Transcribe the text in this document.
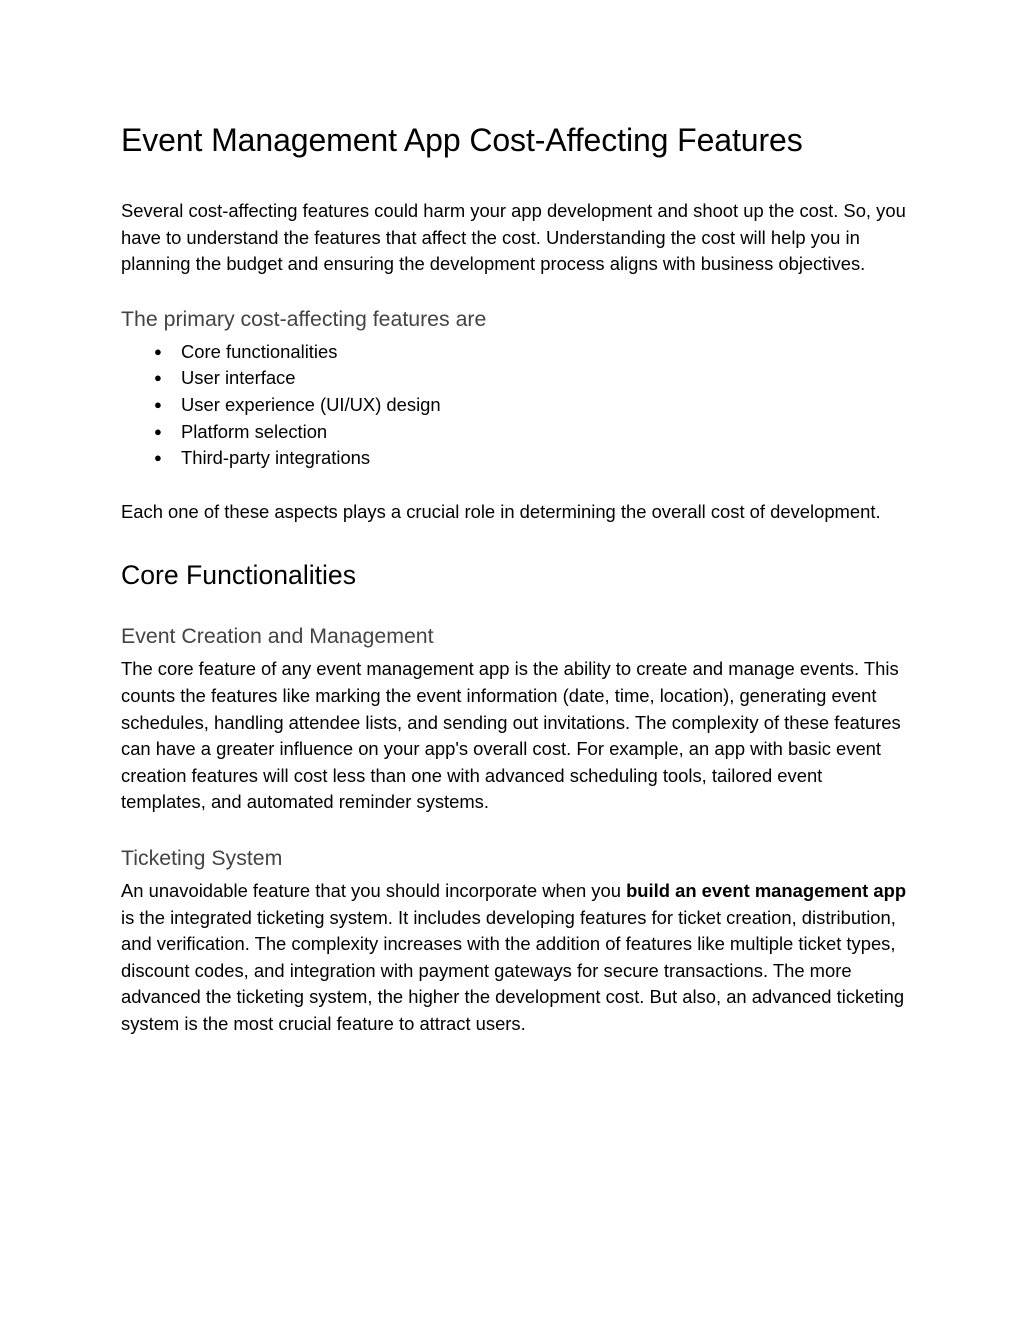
Event Management App Cost-Affecting Features

Several cost-affecting features could harm your app development and shoot up the cost. So, you have to understand the features that affect the cost. Understanding the cost will help you in planning the budget and ensuring the development process aligns with business objectives.

The primary cost-affecting features are
● Core functionalities
● User interface
● User experience (UI/UX) design
● Platform selection
● Third-party integrations

Each one of these aspects plays a crucial role in determining the overall cost of development.

Core Functionalities
Event Creation and Management

The core feature of any event management app is the ability to create and manage events. This counts the features like marking the event information (date, time, location), generating event schedules, handling attendee lists, and sending out invitations. The complexity of these features can have a greater influence on your app's overall cost. For example, an app with basic event creation features will cost less than one with advanced scheduling tools, tailored event templates, and automated reminder systems.

Ticketing System

An unavoidable feature that you should incorporate when you build an event management app is the integrated ticketing system. It includes developing features for ticket creation, distribution, and verification. The complexity increases with the addition of features like multiple ticket types, discount codes, and integration with payment gateways for secure transactions. The more advanced the ticketing system, the higher the development cost. But also, an advanced ticketing system is the most crucial feature to attract users.
